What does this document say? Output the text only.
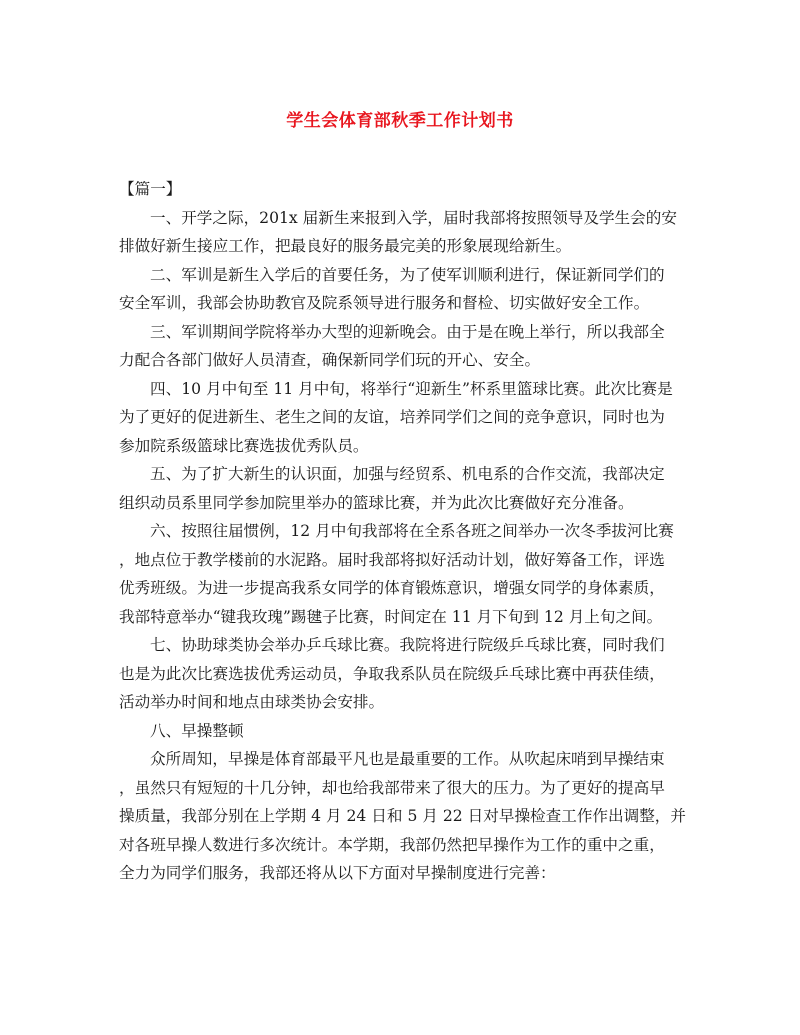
学生会体育部秋季工作计划书
【篇一】
一、开学之际，201x 届新生来报到入学，届时我部将按照领导及学生会的安
排做好新生接应工作，把最良好的服务最完美的形象展现给新生。
二、军训是新生入学后的首要任务，为了使军训顺利进行，保证新同学们的
安全军训，我部会协助教官及院系领导进行服务和督检、切实做好安全工作。
三、军训期间学院将举办大型的迎新晚会。由于是在晚上举行，所以我部全
力配合各部门做好人员清查，确保新同学们玩的开心、安全。
四、10 月中旬至 11 月中旬，将举行“迎新生”杯系里篮球比赛。此次比赛是
为了更好的促进新生、老生之间的友谊，培养同学们之间的竞争意识，同时也为
参加院系级篮球比赛选拔优秀队员。
五、为了扩大新生的认识面，加强与经贸系、机电系的合作交流，我部决定
组织动员系里同学参加院里举办的篮球比赛，并为此次比赛做好充分准备。
六、按照往届惯例，12 月中旬我部将在全系各班之间举办一次冬季拔河比赛
，地点位于教学楼前的水泥路。届时我部将拟好活动计划，做好筹备工作，评选
优秀班级。为进一步提高我系女同学的体育锻炼意识，增强女同学的身体素质，
我部特意举办“键我玫瑰”踢毽子比赛，时间定在 11 月下旬到 12 月上旬之间。
七、协助球类协会举办乒乓球比赛。我院将进行院级乒乓球比赛，同时我们
也是为此次比赛选拔优秀运动员，争取我系队员在院级乒乓球比赛中再获佳绩，
活动举办时间和地点由球类协会安排。
八、早操整顿
众所周知，早操是体育部最平凡也是最重要的工作。从吹起床哨到早操结束
，虽然只有短短的十几分钟，却也给我部带来了很大的压力。为了更好的提高早
操质量，我部分别在上学期 4 月 24 日和 5 月 22 日对早操检查工作作出调整，并
对各班早操人数进行多次统计。本学期，我部仍然把早操作为工作的重中之重，
全力为同学们服务，我部还将从以下方面对早操制度进行完善：
